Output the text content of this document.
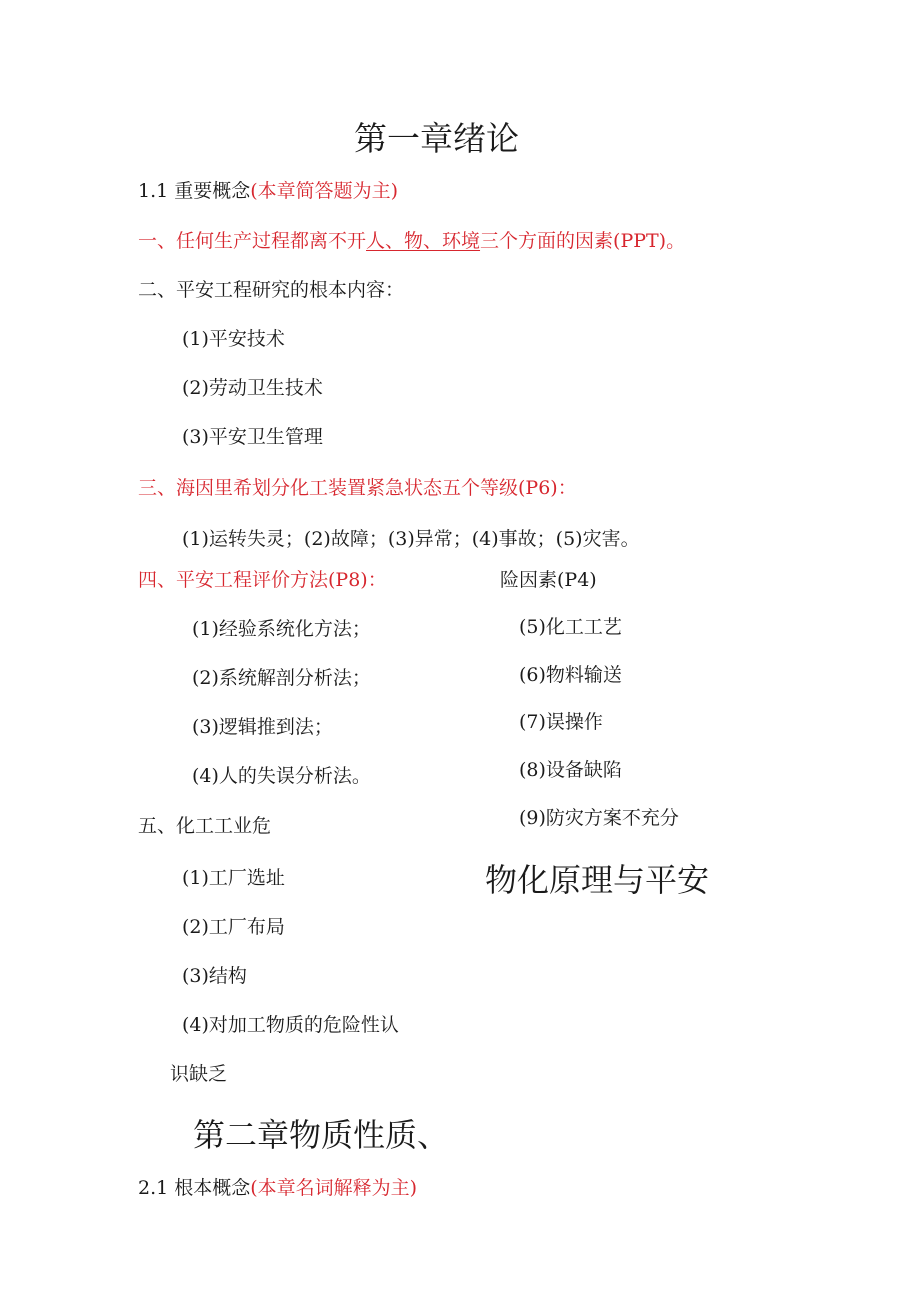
第一章绪论
1.1 重要概念(本章简答题为主)
一、任何生产过程都离不开人、物、环境三个方面的因素(PPT)。
二、平安工程研究的根本内容：
(1)平安技术
(2)劳动卫生技术
(3)平安卫生管理
三、海因里希划分化工装置紧急状态五个等级(P6)：
(1)运转失灵；(2)故障；(3)异常；(4)事故；(5)灾害。
四、平安工程评价方法(P8)：
(1)经验系统化方法；
(2)系统解剖分析法；
(3)逻辑推到法；
(4)人的失误分析法。
五、化工工业危
险因素(P4)
(1)工厂选址
(2)工厂布局
(3)结构
(4)对加工物质的危险性认
识缺乏
(5)化工工艺
(6)物料输送
(7)误操作
(8)设备缺陷
(9)防灾方案不充分
物化原理与平安
第二章物质性质、
2.1 根本概念(本章名词解释为主)
